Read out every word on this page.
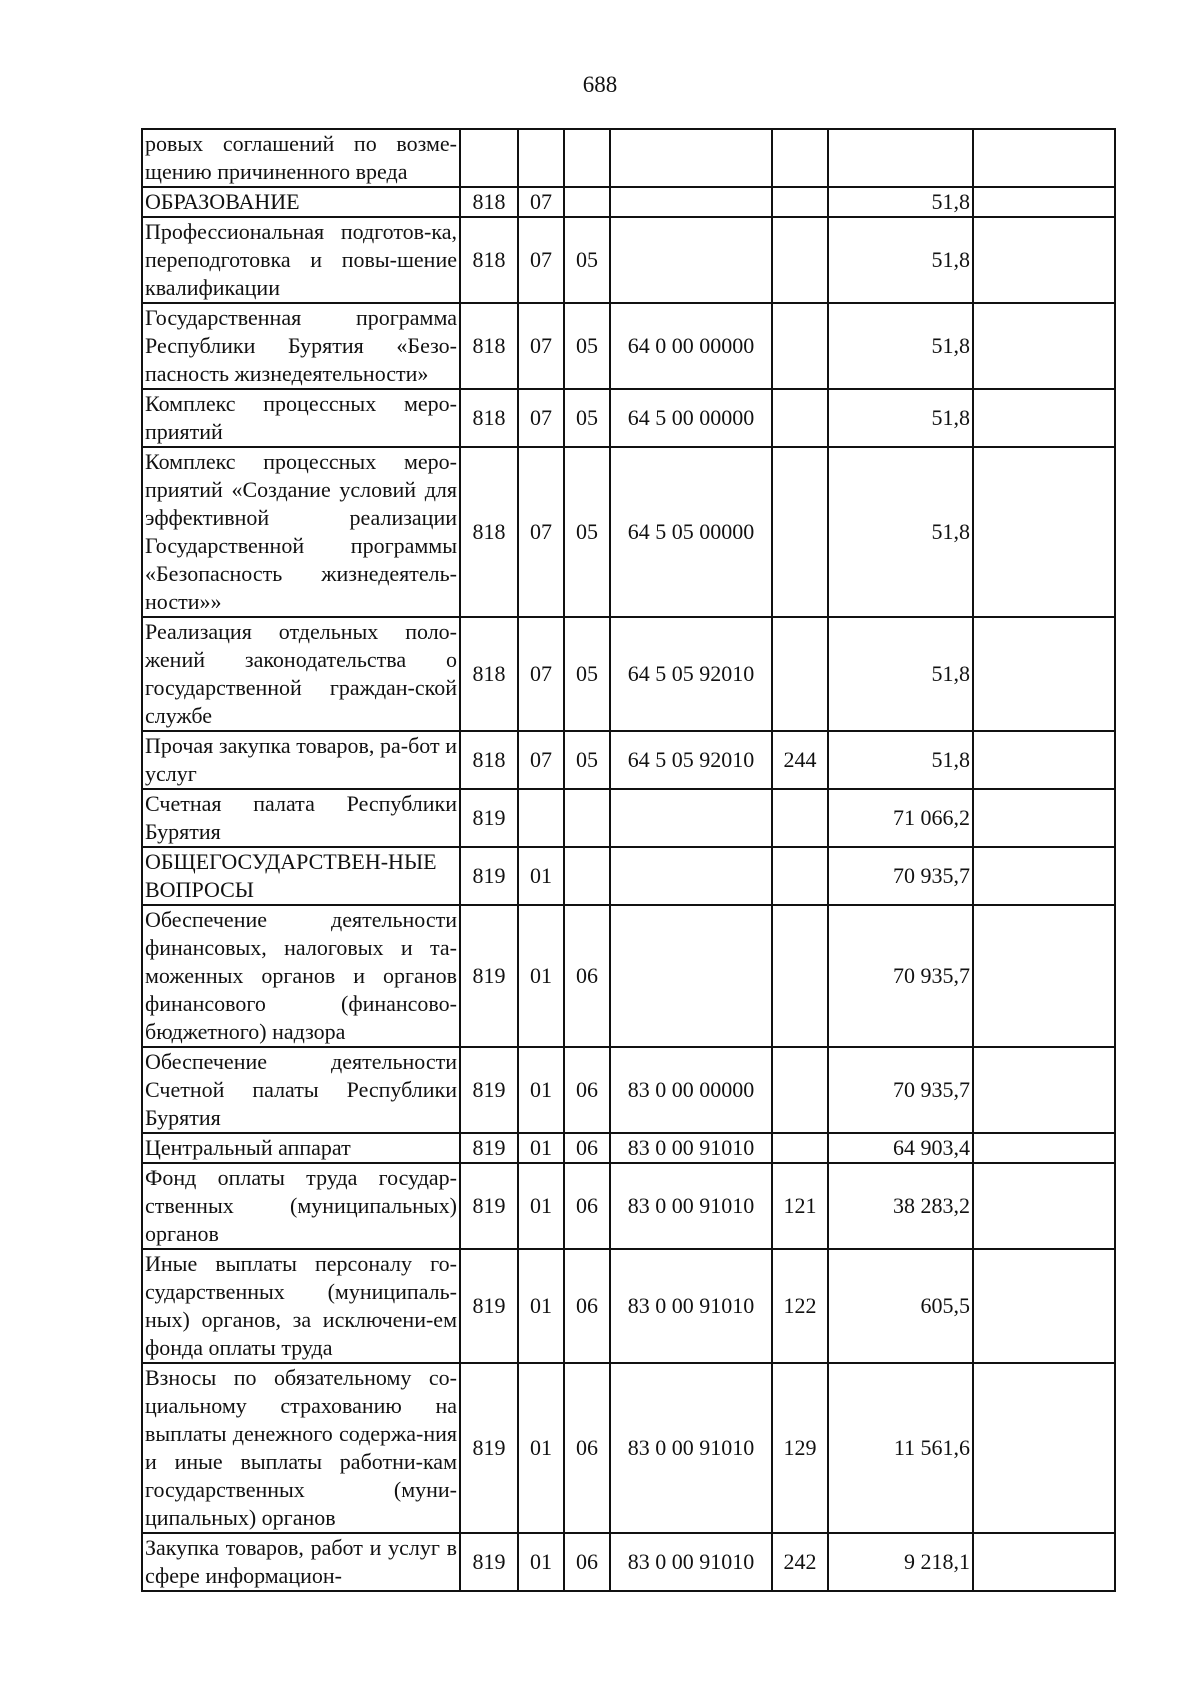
688
ровых соглашений по возме-щению причиненного вреда							
ОБРАЗОВАНИЕ	818	07				51,8	
Профессиональная подготов-ка, переподготовка и повы-шение квалификации	818	07	05			51,8	
Государственная программа Республики Бурятия «Безо-пасность жизнедеятельности»	818	07	05	64 0 00 00000		51,8	
Комплекс процессных меро-приятий	818	07	05	64 5 00 00000		51,8	
Комплекс процессных меро-приятий «Создание условий для эффективной реализации Государственной программы «Безопасность жизнедеятель-ности»»	818	07	05	64 5 05 00000		51,8	
Реализация отдельных поло-жений законодательства о государственной граждан-ской службе	818	07	05	64 5 05 92010		51,8	
Прочая закупка товаров, ра-бот и услуг	818	07	05	64 5 05 92010	244	51,8	
Счетная палата Республики Бурятия	819					71 066,2	
ОБЩЕГОСУДАРСТВЕН-НЫЕ ВОПРОСЫ	819	01				70 935,7	
Обеспечение деятельности финансовых, налоговых и та-моженных органов и органов финансового (финансово-бюджетного) надзора	819	01	06			70 935,7	
Обеспечение деятельности Счетной палаты Республики Бурятия	819	01	06	83 0 00 00000		70 935,7	
Центральный аппарат	819	01	06	83 0 00 91010		64 903,4	
Фонд оплаты труда государ-ственных (муниципальных) органов	819	01	06	83 0 00 91010	121	38 283,2	
Иные выплаты персоналу го-сударственных (муниципаль-ных) органов, за исключени-ем фонда оплаты труда	819	01	06	83 0 00 91010	122	605,5	
Взносы по обязательному со-циальному страхованию на выплаты денежного содержа-ния и иные выплаты работни-кам государственных (муни-ципальных) органов	819	01	06	83 0 00 91010	129	11 561,6	
Закупка товаров, работ и услуг в сфере информацион-	819	01	06	83 0 00 91010	242	9 218,1	
